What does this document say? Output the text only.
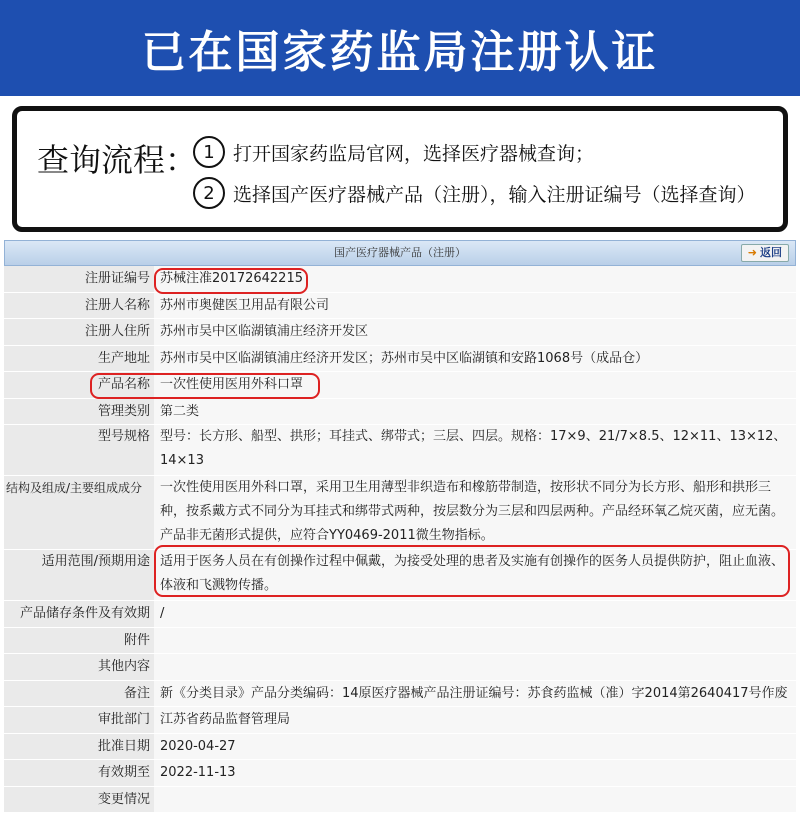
已在国家药监局注册认证
查询流程： 1 打开国家药监局官网，选择医疗器械查询；
2 选择国产医疗器械产品（注册），输入注册证编号（选择查询）
国产医疗器械产品（注册）	➜ 返回
注册证编号 苏械注准20172642215
注册人名称 苏州市奥健医卫用品有限公司
注册人住所 苏州市吴中区临湖镇浦庄经济开发区
生产地址 苏州市吴中区临湖镇浦庄经济开发区；苏州市吴中区临湖镇和安路1068号（成品仓）
产品名称 一次性使用医用外科口罩
管理类别 第二类
型号规格 型号：长方形、船型、拱形；耳挂式、绑带式；三层、四层。规格：17×9、21/7×8.5、12×11、13×12、14×13
结构及组成/主要组成成分	一次性使用医用外科口罩，采用卫生用薄型非织造布和橡筋带制造，按形状不同分为长方形、船形和拱形三种，按系戴方式不同分为耳挂式和绑带式两种，按层数分为三层和四层两种。产品经环氧乙烷灭菌，应无菌。产品非无菌形式提供，应符合YY0469-2011微生物指标。
适用范围/预期用途 适用于医务人员在有创操作过程中佩戴，为接受处理的患者及实施有创操作的医务人员提供防护，阻止血液、体液和飞溅物传播。
产品储存条件及有效期 /
附件
其他内容
备注 新《分类目录》产品分类编码：14原医疗器械产品注册证编号：苏食药监械（准）字2014第2640417号作废
审批部门 江苏省药品监督管理局
批准日期 2020-04-27
有效期至 2022-11-13
变更情况
